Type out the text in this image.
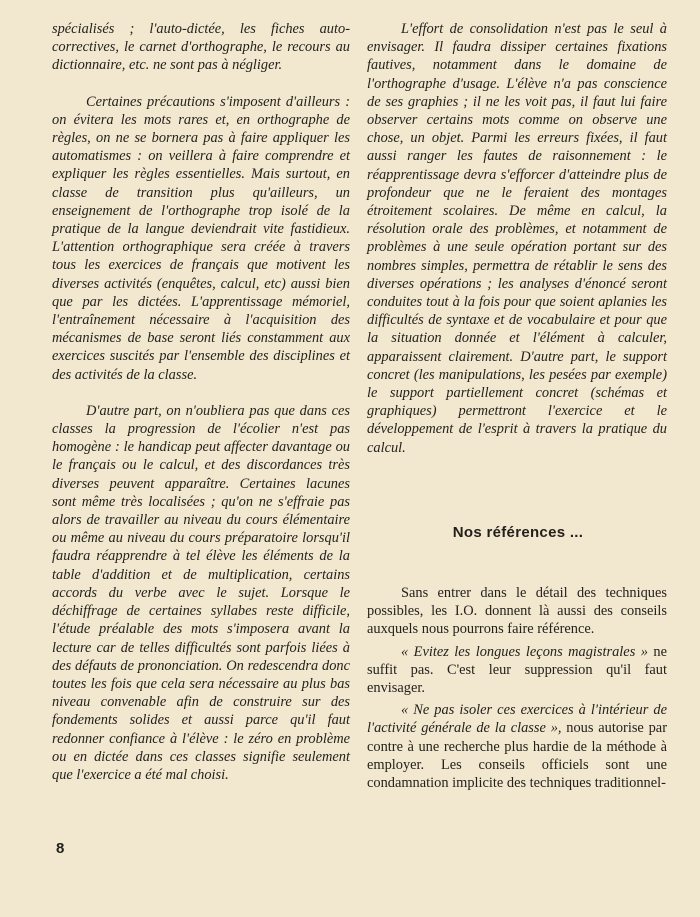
spécialisés ; l'auto-dictée, les fiches auto-correctives, le carnet d'orthographe, le recours au dictionnaire, etc. ne sont pas à négliger.

Certaines précautions s'imposent d'ailleurs : on évitera les mots rares et, en orthographe de règles, on ne se bornera pas à faire appliquer les automatismes : on veillera à faire comprendre et expliquer les règles essentielles. Mais surtout, en classe de transition plus qu'ailleurs, un enseignement de l'orthographe trop isolé de la pratique de la langue deviendrait vite fastidieux. L'attention orthographique sera créée à travers tous les exercices de français que motivent les diverses activités (enquêtes, calcul, etc) aussi bien que par les dictées. L'apprentissage mémoriel, l'entraînement nécessaire à l'acquisition des mécanismes de base seront liés constamment aux exercices suscités par l'ensemble des disciplines et des activités de la classe.

D'autre part, on n'oubliera pas que dans ces classes la progression de l'écolier n'est pas homogène : le handicap peut affecter davantage ou le français ou le calcul, et des discordances très diverses peuvent apparaître. Certaines lacunes sont même très localisées ; qu'on ne s'effraie pas alors de travailler au niveau du cours élémentaire ou même au niveau du cours préparatoire lorsqu'il faudra réapprendre à tel élève les éléments de la table d'addition et de multiplication, certains accords du verbe avec le sujet. Lorsque le déchiffrage de certaines syllabes reste difficile, l'étude préalable des mots s'imposera avant la lecture car de telles difficultés sont parfois liées à des défauts de prononciation. On redescendra donc toutes les fois que cela sera nécessaire au plus bas niveau convenable afin de construire sur des fondements solides et aussi parce qu'il faut redonner confiance à l'élève : le zéro en problème ou en dictée dans ces classes signifie seulement que l'exercice a été mal choisi.

L'effort de consolidation n'est pas le seul à envisager. Il faudra dissiper certaines fixations fautives, notamment dans le domaine de l'orthographe d'usage. L'élève n'a pas conscience de ses graphies ; il ne les voit pas, il faut lui faire observer certains mots comme on observe une chose, un objet. Parmi les erreurs fixées, il faut aussi ranger les fautes de raisonnement : le réapprentissage devra s'efforcer d'atteindre plus de profondeur que ne le feraient des montages étroitement scolaires. De même en calcul, la résolution orale des problèmes, et notamment de problèmes à une seule opération portant sur des nombres simples, permettra de rétablir le sens des diverses opérations ; les analyses d'énoncé seront conduites tout à la fois pour que soient aplanies les difficultés de syntaxe et de vocabulaire et pour que la situation donnée et l'élément à calculer, apparaissent clairement. D'autre part, le support concret (les manipulations, les pesées par exemple) le support partiellement concret (schémas et graphiques) permettront l'exercice et le développement de l'esprit à travers la pratique du calcul.

Nos références ...

Sans entrer dans le détail des techniques possibles, les I.O. donnent là aussi des conseils auxquels nous pourrons faire référence.

« Evitez les longues leçons magistrales » ne suffit pas. C'est leur suppression qu'il faut envisager.

« Ne pas isoler ces exercices à l'intérieur de l'activité générale de la classe », nous autorise par contre à une recherche plus hardie de la méthode à employer. Les conseils officiels sont une condamnation implicite des techniques traditionnel-

8
